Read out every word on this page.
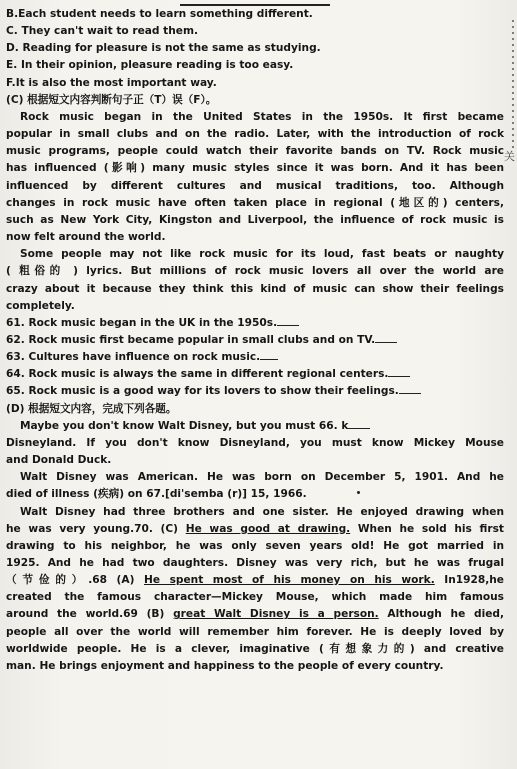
关
B.Each student needs to learn something different.
C. They can't wait to read them.
D. Reading for pleasure is not the same as studying.
E. In their opinion, pleasure reading is too easy.
F.It is also the most important way.
(C) 根据短文内容判断句子正（T）误（F）。
Rock music began in the United States in the 1950s. It first became
popular in small clubs and on the radio. Later, with the introduction of rock
music programs, people could watch their favorite bands on TV. Rock music
has influenced (影响) many music styles since it was born. And it has been
influenced by different cultures and musical traditions, too. Although
changes in rock music have often taken place in regional (地区的) centers,
such as New York City, Kingston and Liverpool, the influence of rock music is
now felt around the world.
Some people may not like rock music for its loud, fast beats or naughty
( 粗俗的 ) lyrics. But millions of rock music lovers all over the world are
crazy about it because they think this kind of music can show their feelings
completely.
61. Rock music began in the UK in the 1950s.
62. Rock music first became popular in small clubs and on TV.
63. Cultures have influence on rock music.
64. Rock music is always the same in different regional centers.
65. Rock music is a good way for its lovers to show their feelings.
(D) 根据短文内容，完成下列各题。
Maybe you don't know Walt Disney, but you must 66. k
Disneyland. If you don't know Disneyland, you must know Mickey Mouse
and Donald Duck.
Walt Disney was American. He was born on December 5, 1901. And he
died of illness (疾病) on 67.[di'semba (r)] 15, 1966.
Walt Disney had three brothers and one sister. He enjoyed drawing when
he was very young.70. (C) He was good at drawing. When he sold his first
drawing to his neighbor, he was only seven years old! He got married in
1925. And he had two daughters. Disney was very rich, but he was frugal
（节俭的）.68 (A) He spent most of his money on his work. In1928,he
created the famous character—Mickey Mouse, which made him famous
around the world.69 (B) great Walt Disney is a person. Although he died,
people all over the world will remember him forever. He is deeply loved by
worldwide people. He is a clever, imaginative (有想象力的) and creative
man. He brings enjoyment and happiness to the people of every country.
